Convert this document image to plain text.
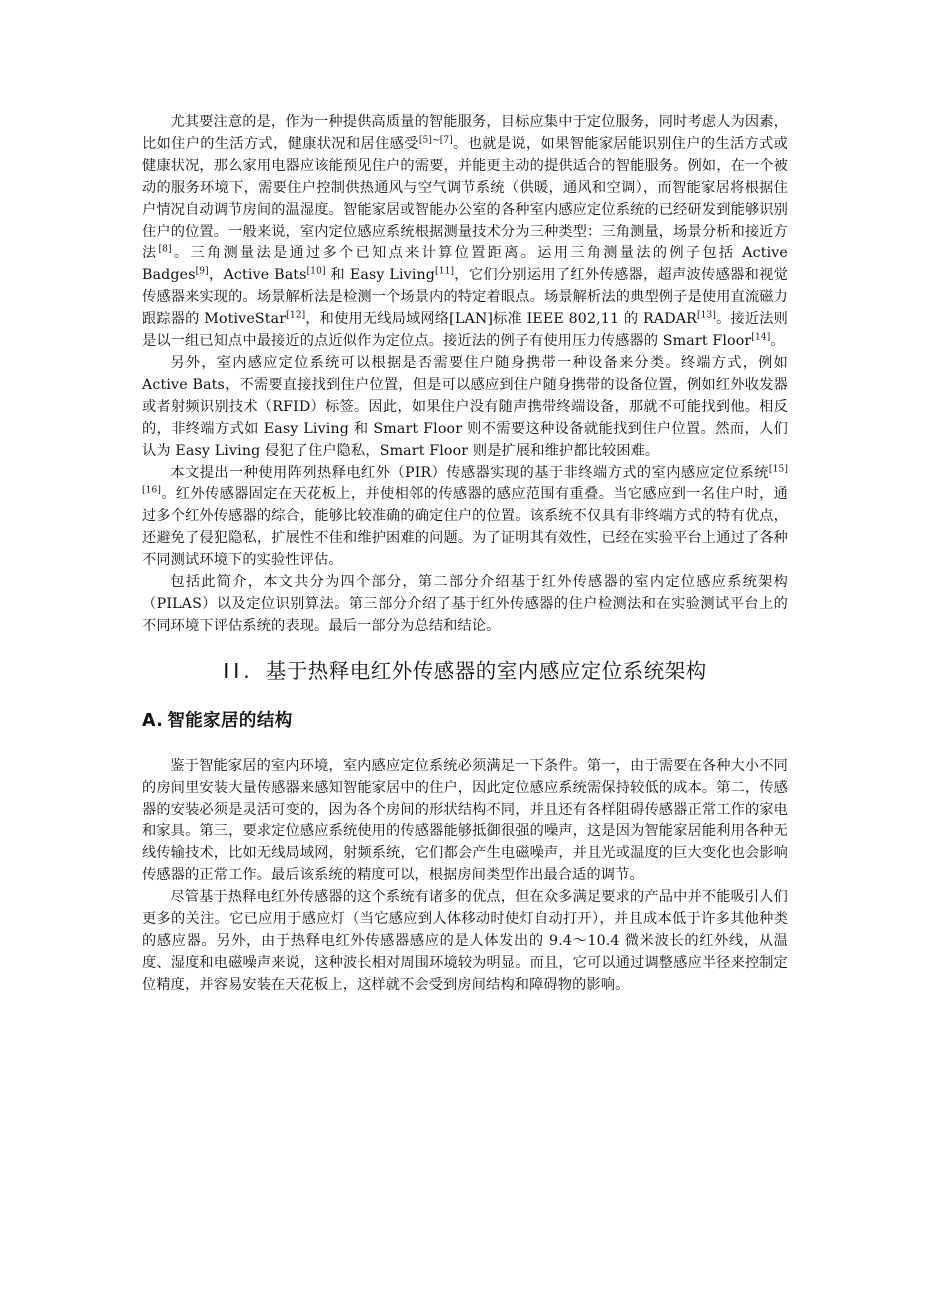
尤其要注意的是，作为一种提供高质量的智能服务，目标应集中于定位服务，同时考虑人为因素，比如住户的生活方式，健康状况和居住感受[5]~[7]。也就是说，如果智能家居能识别住户的生活方式或健康状况，那么家用电器应该能预见住户的需要，并能更主动的提供适合的智能服务。例如，在一个被动的服务环境下，需要住户控制供热通风与空气调节系统（供暖，通风和空调），而智能家居将根据住户情况自动调节房间的温湿度。智能家居或智能办公室的各种室内感应定位系统的已经研发到能够识别住户的位置。一般来说，室内定位感应系统根据测量技术分为三种类型：三角测量，场景分析和接近方法[8]。三角测量法是通过多个已知点来计算位置距离。运用三角测量法的例子包括 Active Badges[9]，Active Bats[10] 和 Easy Living[11]，它们分别运用了红外传感器，超声波传感器和视觉传感器来实现的。场景解析法是检测一个场景内的特定着眼点。场景解析法的典型例子是使用直流磁力跟踪器的 MotiveStar[12]，和使用无线局域网络[LAN]标准 IEEE 802,11 的 RADAR[13]。接近法则是以一组已知点中最接近的点近似作为定位点。接近法的例子有使用压力传感器的 Smart Floor[14]。

另外，室内感应定位系统可以根据是否需要住户随身携带一种设备来分类。终端方式，例如 Active Bats，不需要直接找到住户位置，但是可以感应到住户随身携带的设备位置，例如红外收发器或者射频识别技术（RFID）标签。因此，如果住户没有随声携带终端设备，那就不可能找到他。相反的，非终端方式如 Easy Living 和 Smart Floor 则不需要这种设备就能找到住户位置。然而，人们认为 Easy Living 侵犯了住户隐私，Smart Floor 则是扩展和维护都比较困难。

本文提出一种使用阵列热释电红外（PIR）传感器实现的基于非终端方式的室内感应定位系统[15] [16]。红外传感器固定在天花板上，并使相邻的传感器的感应范围有重叠。当它感应到一名住户时，通过多个红外传感器的综合，能够比较准确的确定住户的位置。该系统不仅具有非终端方式的特有优点，还避免了侵犯隐私，扩展性不佳和维护困难的问题。为了证明其有效性，已经在实验平台上通过了各种不同测试环境下的实验性评估。

包括此简介，本文共分为四个部分，第二部分介绍基于红外传感器的室内定位感应系统架构（PILAS）以及定位识别算法。第三部分介绍了基于红外传感器的住户检测法和在实验测试平台上的不同环境下评估系统的表现。最后一部分为总结和结论。

II. 基于热释电红外传感器的室内感应定位系统架构
A. 智能家居的结构

鉴于智能家居的室内环境，室内感应定位系统必须满足一下条件。第一，由于需要在各种大小不同的房间里安装大量传感器来感知智能家居中的住户，因此定位感应系统需保持较低的成本。第二，传感器的安装必须是灵活可变的，因为各个房间的形状结构不同，并且还有各样阻碍传感器正常工作的家电和家具。第三，要求定位感应系统使用的传感器能够抵御很强的噪声，这是因为智能家居能利用各种无线传输技术，比如无线局域网，射频系统，它们都会产生电磁噪声，并且光或温度的巨大变化也会影响传感器的正常工作。最后该系统的精度可以，根据房间类型作出最合适的调节。

尽管基于热释电红外传感器的这个系统有诸多的优点，但在众多满足要求的产品中并不能吸引人们更多的关注。它已应用于感应灯（当它感应到人体移动时使灯自动打开），并且成本低于许多其他种类的感应器。另外，由于热释电红外传感器感应的是人体发出的 9.4～10.4 微米波长的红外线，从温度、湿度和电磁噪声来说，这种波长相对周围环境较为明显。而且，它可以通过调整感应半径来控制定位精度，并容易安装在天花板上，这样就不会受到房间结构和障碍物的影响。
